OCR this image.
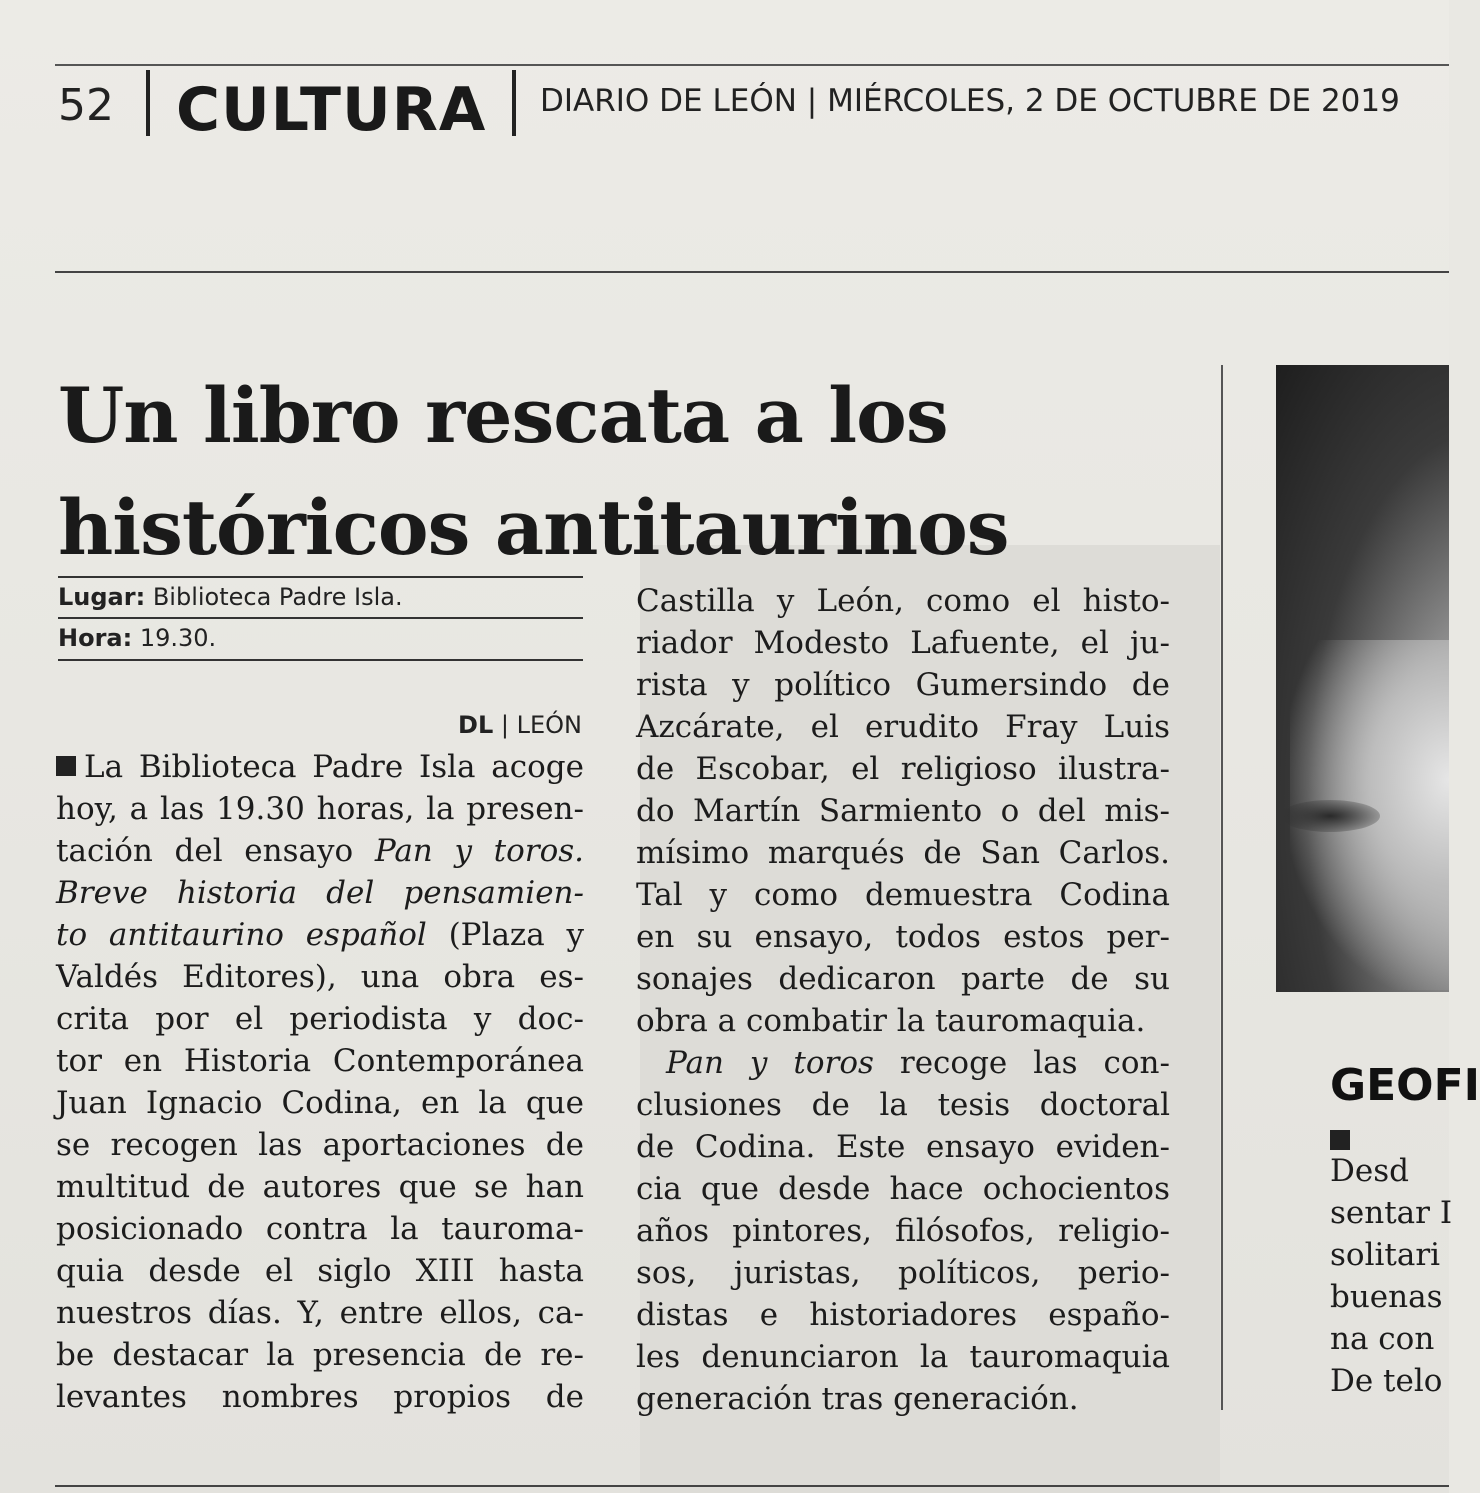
52 CULTURA DIARIO DE LEÓN | MIÉRCOLES, 2 DE OCTUBRE DE 2019
Un libro rescata a los
históricos antitaurinos
Lugar: Biblioteca Padre Isla.
Hora: 19.30.
DL | LEÓN
La Biblioteca Padre Isla acoge
hoy, a las 19.30 horas, la presen-
tación del ensayo Pan y toros.
Breve historia del pensamien-
to antitaurino español (Plaza y
Valdés Editores), una obra es-
crita por el periodista y doc-
tor en Historia Contemporánea
Juan Ignacio Codina, en la que
se recogen las aportaciones de
multitud de autores que se han
posicionado contra la tauroma-
quia desde el siglo XIII hasta
nuestros días. Y, entre ellos, ca-
be destacar la presencia de re-
levantes nombres propios de
Castilla y León, como el histo-
riador Modesto Lafuente, el ju-
rista y político Gumersindo de
Azcárate, el erudito Fray Luis
de Escobar, el religioso ilustra-
do Martín Sarmiento o del mis-
mísimo marqués de San Carlos.
Tal y como demuestra Codina
en su ensayo, todos estos per-
sonajes dedicaron parte de su
obra a combatir la tauromaquia.
Pan y toros recoge las con-
clusiones de la tesis doctoral
de Codina. Este ensayo eviden-
cia que desde hace ochocientos
años pintores, filósofos, religio-
sos, juristas, políticos, perio-
distas e historiadores españo-
les denunciaron la tauromaquia
generación tras generación.
GEOFI
Desd
sentar I
solitari
buenas
na con
De telo
